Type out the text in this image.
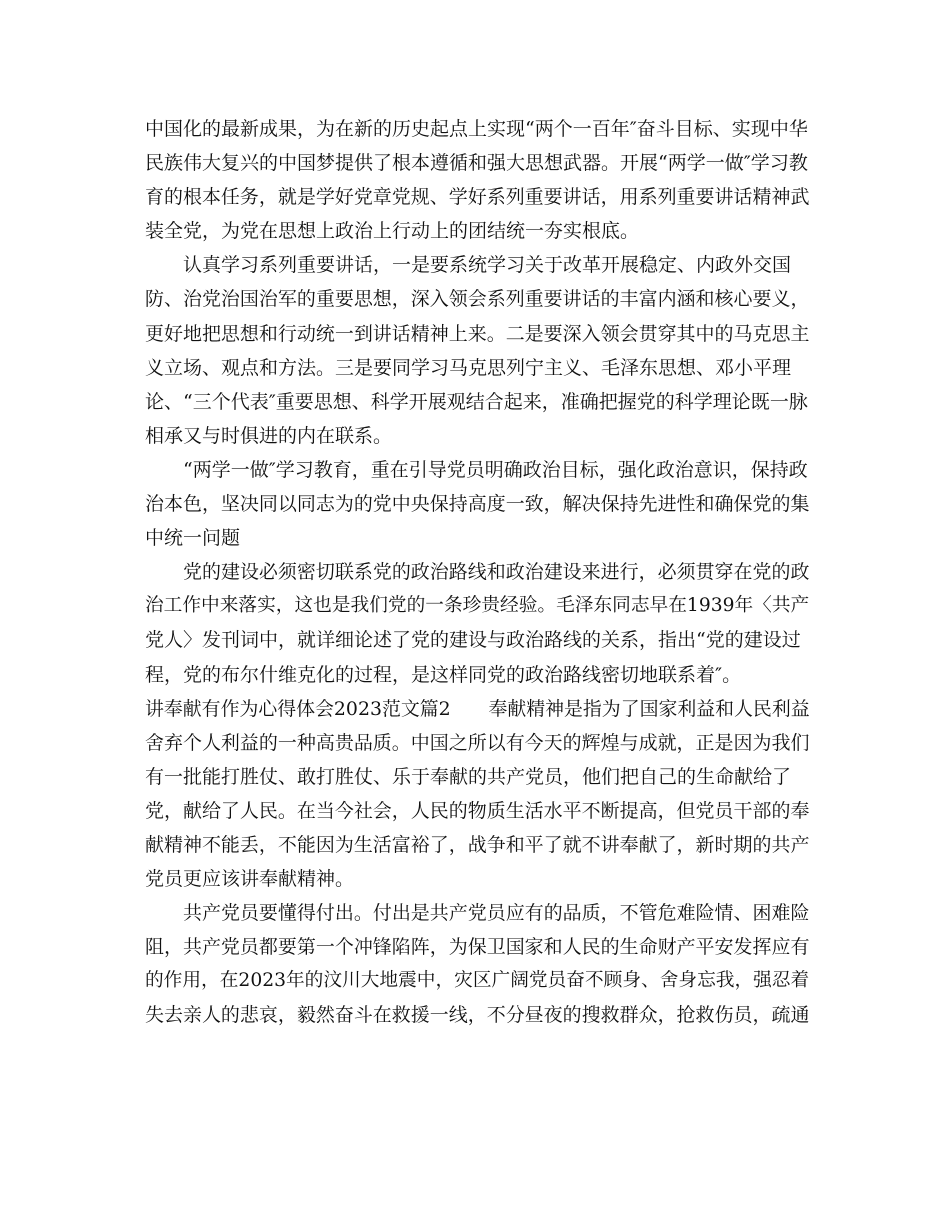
中国化的最新成果，为在新的历史起点上实现“两个一百年″奋斗目标、实现中华
民族伟大复兴的中国梦提供了根本遵循和强大思想武器。开展“两学一做″学习教
育的根本任务，就是学好党章党规、学好系列重要讲话，用系列重要讲话精神武
装全党，为党在思想上政治上行动上的团结统一夯实根底。
认真学习系列重要讲话，一是要系统学习关于改革开展稳定、内政外交国
防、治党治国治军的重要思想，深入领会系列重要讲话的丰富内涵和核心要义，
更好地把思想和行动统一到讲话精神上来。二是要深入领会贯穿其中的马克思主
义立场、观点和方法。三是要同学习马克思列宁主义、毛泽东思想、邓小平理
论、“三个代表″重要思想、科学开展观结合起来，准确把握党的科学理论既一脉
相承又与时俱进的内在联系。
“两学一做″学习教育，重在引导党员明确政治目标，强化政治意识，保持政
治本色，坚决同以同志为的党中央保持高度一致，解决保持先进性和确保党的集
中统一问题
党的建设必须密切联系党的政治路线和政治建设来进行，必须贯穿在党的政
治工作中来落实，这也是我们党的一条珍贵经验。毛泽东同志早在1939年〈共产
党人〉发刊词中，就详细论述了党的建设与政治路线的关系，指出“党的建设过
程，党的布尔什维克化的过程，是这样同党的政治路线密切地联系着″。
讲奉献有作为心得体会2023范文篇2　　奉献精神是指为了国家利益和人民利益
舍弃个人利益的一种高贵品质。中国之所以有今天的辉煌与成就，正是因为我们
有一批能打胜仗、敢打胜仗、乐于奉献的共产党员，他们把自己的生命献给了
党，献给了人民。在当今社会，人民的物质生活水平不断提高，但党员干部的奉
献精神不能丢，不能因为生活富裕了，战争和平了就不讲奉献了，新时期的共产
党员更应该讲奉献精神。
共产党员要懂得付出。付出是共产党员应有的品质，不管危难险情、困难险
阻，共产党员都要第一个冲锋陷阵，为保卫国家和人民的生命财产平安发挥应有
的作用，在2023年的汶川大地震中，灾区广阔党员奋不顾身、舍身忘我，强忍着
失去亲人的悲哀，毅然奋斗在救援一线，不分昼夜的搜救群众，抢救伤员，疏通
